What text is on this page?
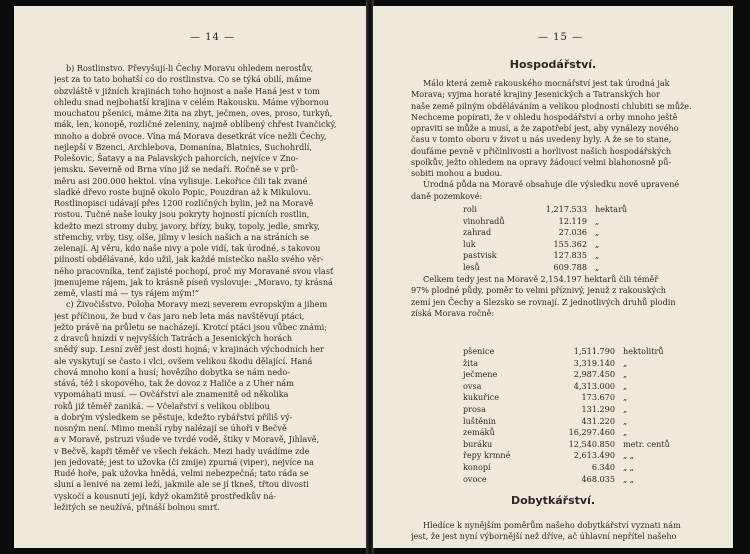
— 14 —
b) Rostlinstvo. Převyšují-li Čechy Moravu ohledem nerostův,
jest za to tato bohatší co do rostlinstva. Co se týká obilí, máme
obzvláště v jižních krajinách toho hojnost a naše Haná jest v tom
ohledu snad nejbohatší krajina v celém Rakousku. Máme výbornou
mouchatou pšenici, máme žita na zbyt, ječmen, oves, proso, turkyň,
mák, len, konopě, rozličné zeleniny, najmě oblíbený chřest Ivančický,
mnoho a dobré ovoce. Vína má Morava desetkrát více nežli Čechy,
nejlepší v Bzenci, Archlebova, Domanína, Blatnics, Suchohrdlí,
Polešovic, Šatavy a na Palavských pahorcích, nejvíce v Zno-
jemsku. Severně od Brna víno již se nedaří. Ročně se v prů-
měru asi 200.000 hektol. vína vylisuje. Lekořice čili tak zvané
sladké dřevo roste bujně okolo Popic, Pouzdran až k Mikulovu.
Rostlinopisci udávají přes 1200 rozličných bylin, jež na Moravě
rostou. Tučné naše louky jsou pokryty hojností pícních rostlin,
kdežto mezi stromy duby, javory, břízy, buky, topoly, jedle, smrky,
střemchy, vrby, tisy, olše, jilmy v lesích našich a na stráních se
zelenají. Aj věru, kdo naše nivy a pole vidí, tak úrodné, s takovou
pilností obdělávané, kdo užil, jak každé místečko našlo svého věr-
ného pracovníka, tenť zajisté pochopí, proč my Moravané svou vlasť
jmenujeme rájem, jak to krásně píseň vyslovuje: „Moravo, ty krásná
země, vlastí má — tys rájem mým!“
c) Živočišstvo. Poloha Moravy mezi severem evropským a jihem
jest příčinou, že bud v čas jaro neb leta más navštěvují ptáci,
ježto právě na průletu se nacházejí. Krotcí ptáci jsou vůbec známi;
z dravců hnízdí v nejvyšších Tatrách a Jesenických horách
snědý sup. Lesní zvěř jest dosti hojná; v krajinách východních her
ale vyskytují se často i vlci, ovšem velikou škodu dělající. Haná
chová mnoho koní a husí; hovězího dobytka se nám nedo-
stává, též i skopového, tak že dovoz z Haliče a z Uher nám
vypomáhati musí. — Ovčářství ale znamenitě od několika
roků již těměř zaniká. — Včelařství s velikou oblibou
a dobrým výsledkem se pěstuje, kdežto rybářství příliš vý-
nosným není. Mimo menší ryby nalézají se úhoři v Bečvě
a v Moravě, pstruzi všude ve tvrdé vodě, štiky v Moravě, Jihlavě,
v Bečvě, kapři těměř ve všech řekách. Mezi hady uvádíme zde
jen jedovaté; jest to užovka (či zmije) zpurná (viper), nejvíce na
Rudé hoře, pak užovka hnědá, velmi nebezpečná; tato ráda se
sluní a lenivé na zemi leží, jakmile ale se jí tkneš, třtou divosti
vyskočí a kousnutí její, když okamžitě prostředkův ná-
ležitých se neužívá, přináší bolnou smrť.
— 15 —
Hospodářství.
Málo která země rakouského mocnářství jest tak úrodná jak
Morava; vyjma horaté krajiny Jesenických a Tatranských hor
naše země pilným obděláváním a velikou plodností chlubiti se může.
Nechceme popírati, že v ohledu hospodářství a orby mnoho ještě
opraviti se může a musí, a že zapotřebí jest, aby vynálezy nového
času v tomto oboru v život u nás uvedeny byly. A že se to stane,
doufáme pevně v přičinlivosti a horlivost našich hospodářských
spolkův, ježto ohledem na opravy žádoucí velmi blahonosně pů-
sobiti mohou a budou.
Úrodná půda na Moravě obsahuje dle výsledku nově upravené
daně pozemkové:
roli	1,217.533 hektarů
vinohradů	12.119 „
zahrad	27.036 „
luk	155.362 „
pastvisk	127.835 „
lesů	609.788 „
Celkem tedy jest na Moravě 2,154.197 hektarů čili téměř
97% plodné půdy, poměr to velmi příznivý, jenuž z rakouských
zemí jen Čechy a Slezsko se rovnají. Z jednotlivých druhů plodin
získá Morava ročně:
pšenice	1,511.790 hektolitrů
žita	3,319.140 „
ječmene	2,987.450 „
ovsa	4,313.000 „
kukuřice	173.670 „
prosa	131.290 „
luštěnin	431.220 „
zemáků	16,297.460 „
buráku	12,540.850 metr. centů
řepy krmné	2,613.490 „ „
konopí	6.340 „ „
ovoce	468.035 „ „
Dobytkářství.
Hledíce k nynějším poměrům našeho dobytkářství vyznati nám
jest, že jest nyní výbornější než dříve, ač úhlavní nepřítel našeho
